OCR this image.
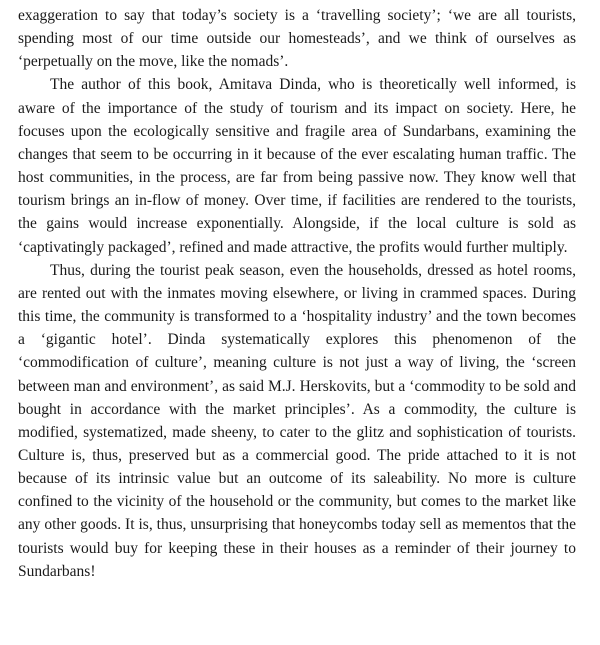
exaggeration to say that today’s society is a ‘travelling society’; ‘we are all tourists, spending most of our time outside our homesteads’, and we think of ourselves as ‘perpetually on the move, like the nomads’.

The author of this book, Amitava Dinda, who is theoretically well informed, is aware of the importance of the study of tourism and its impact on society. Here, he focuses upon the ecologically sensitive and fragile area of Sundarbans, examining the changes that seem to be occurring in it because of the ever escalating human traffic. The host communities, in the process, are far from being passive now. They know well that tourism brings an in-flow of money. Over time, if facilities are rendered to the tourists, the gains would increase exponentially. Alongside, if the local culture is sold as ‘captivatingly packaged’, refined and made attractive, the profits would further multiply.

Thus, during the tourist peak season, even the households, dressed as hotel rooms, are rented out with the inmates moving elsewhere, or living in crammed spaces. During this time, the community is transformed to a ‘hospitality industry’ and the town becomes a ‘gigantic hotel’. Dinda systematically explores this phenomenon of the ‘commodification of culture’, meaning culture is not just a way of living, the ‘screen between man and environment’, as said M.J. Herskovits, but a ‘commodity to be sold and bought in accordance with the market principles’. As a commodity, the culture is modified, systematized, made sheeny, to cater to the glitz and sophistication of tourists. Culture is, thus, preserved but as a commercial good. The pride attached to it is not because of its intrinsic value but an outcome of its saleability. No more is culture confined to the vicinity of the household or the community, but comes to the market like any other goods. It is, thus, unsurprising that honeycombs today sell as mementos that the tourists would buy for keeping these in their houses as a reminder of their journey to Sundarbans!
